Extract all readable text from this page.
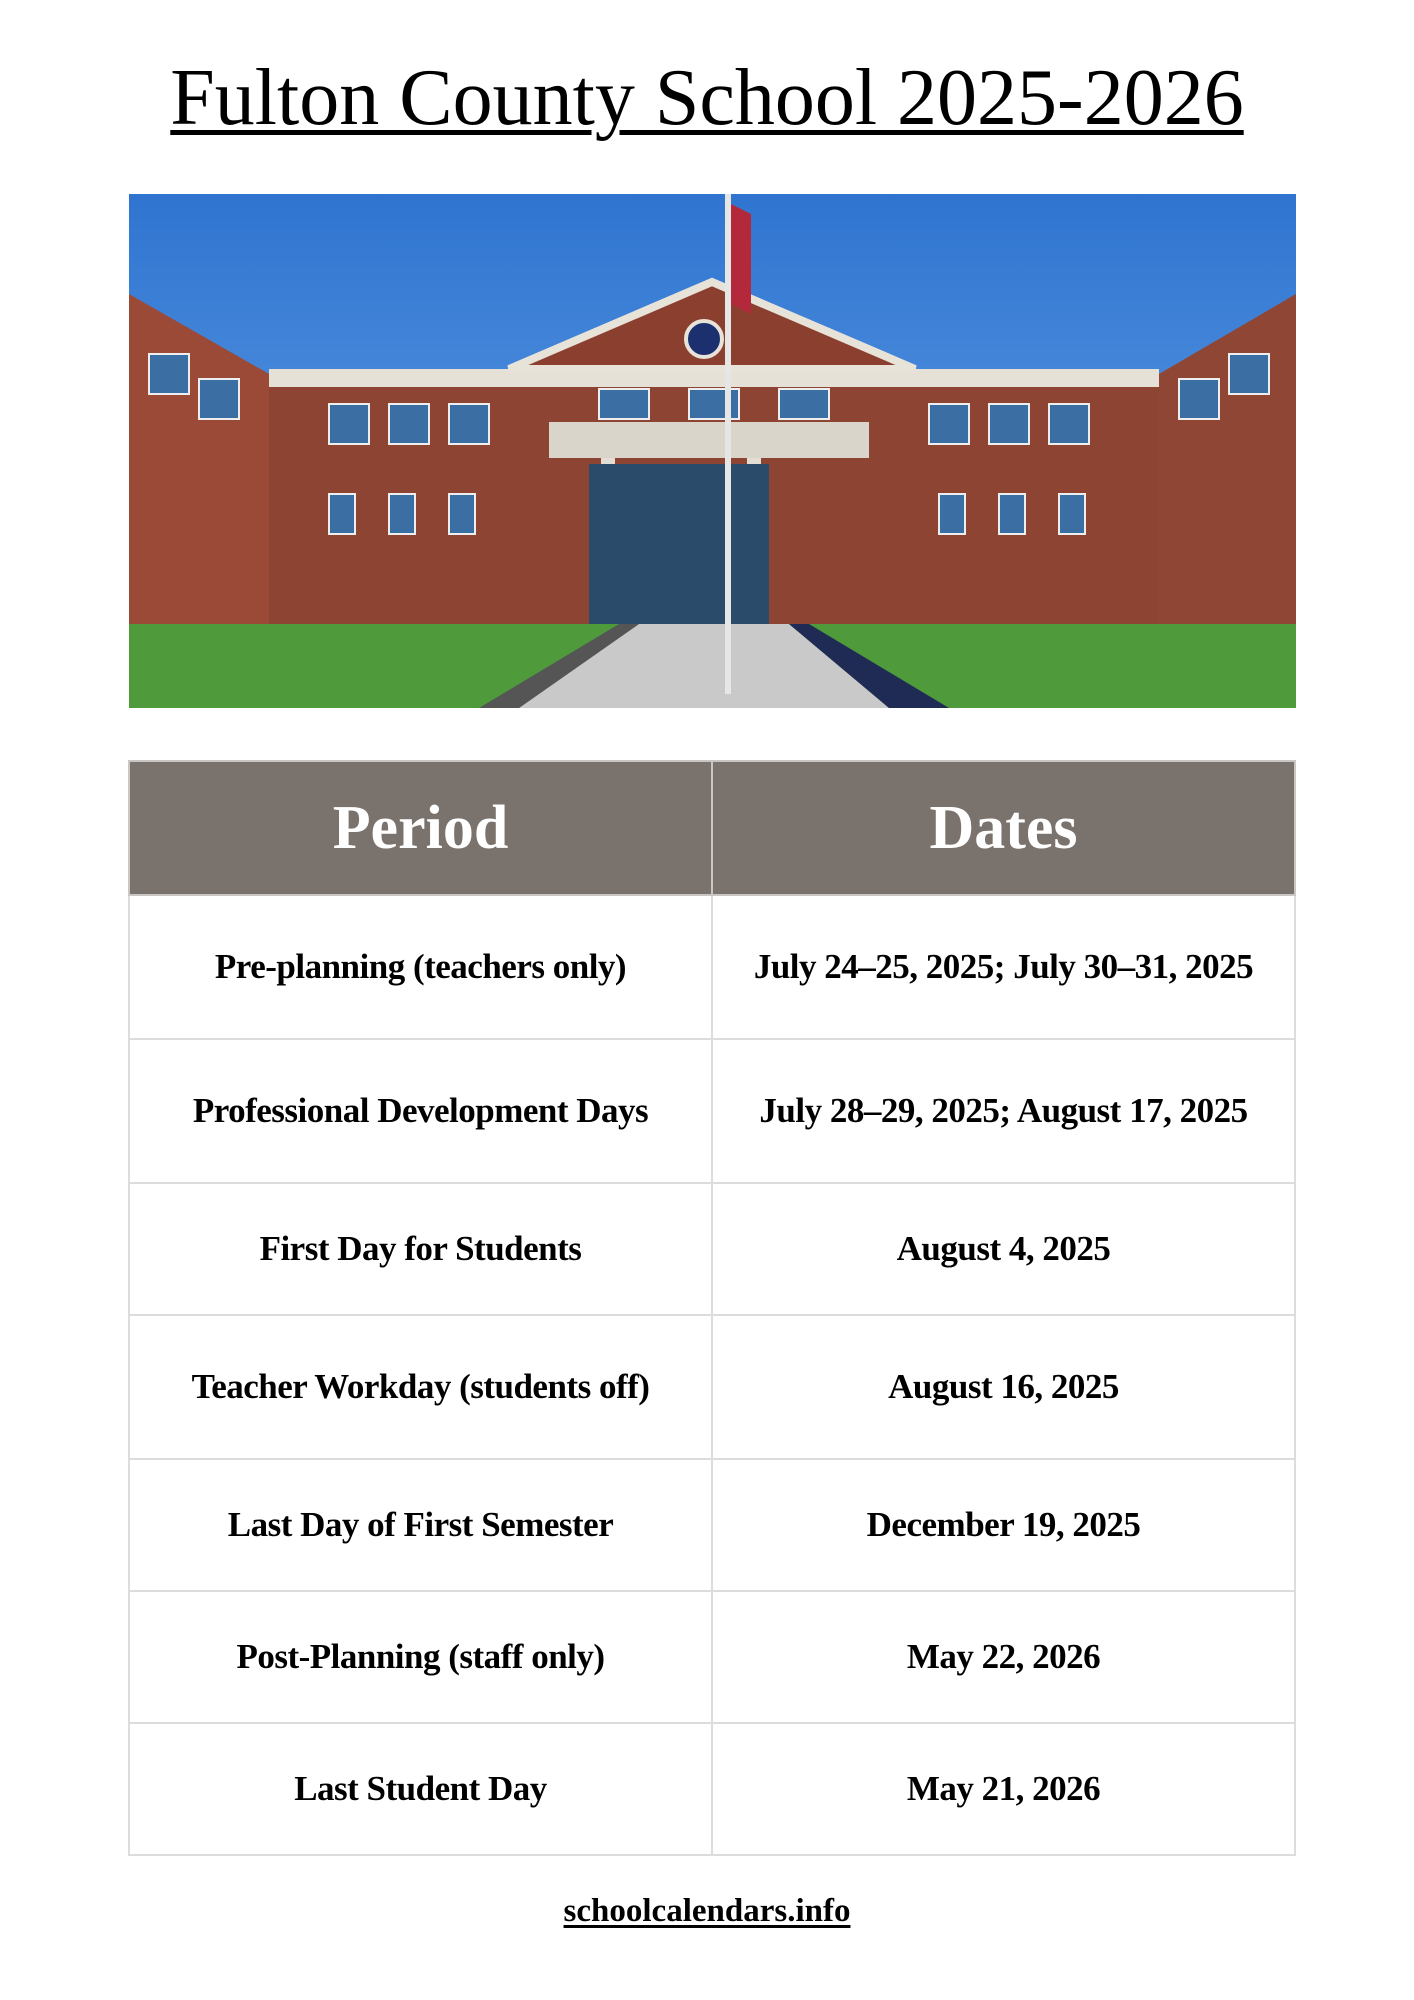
Fulton County School 2025-2026
Period	Dates
Pre-planning (teachers only)	July 24–25, 2025; July 30–31, 2025
Professional Development Days	July 28–29, 2025; August 17, 2025
First Day for Students	August 4, 2025
Teacher Workday (students off)	August 16, 2025
Last Day of First Semester	December 19, 2025
Post-Planning (staff only)	May 22, 2026
Last Student Day	May 21, 2026
schoolcalendars.info
